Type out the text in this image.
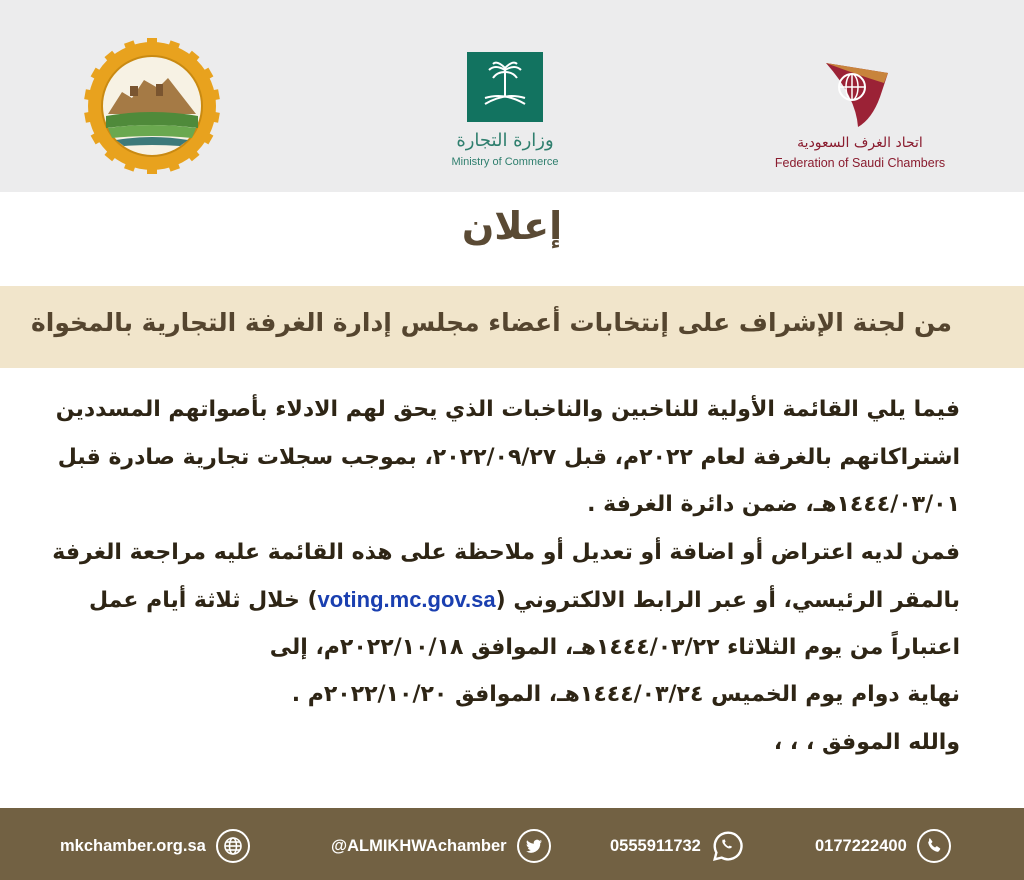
وزارة التجارة
Ministry of Commerce
اتحاد الغرف السعودية
Federation of Saudi Chambers
إعلان
من لجنة الإشراف على إنتخابات أعضاء مجلس إدارة الغرفة التجارية بالمخواة
فيما يلي القائمة الأولية للناخبين والناخبات الذي يحق لهم الادلاء بأصواتهم المسددين
اشتراكاتهم بالغرفة لعام ٢٠٢٢م، قبل ٢٠٢٢/٠٩/٢٧، بموجب سجلات تجارية صادرة قبل
١٤٤٤/٠٣/٠١هـ، ضمن دائرة الغرفة .
فمن لديه اعتراض أو اضافة أو تعديل أو ملاحظة على هذه القائمة عليه مراجعة الغرفة
بالمقر الرئيسي، أو عبر الرابط الالكتروني (voting.mc.gov.sa) خلال ثلاثة أيام عمل
اعتباراً من يوم الثلاثاء ١٤٤٤/٠٣/٢٢هـ، الموافق ٢٠٢٢/١٠/١٨م، إلى
نهاية دوام يوم الخميس ١٤٤٤/٠٣/٢٤هـ، الموافق ٢٠٢٢/١٠/٢٠م .
والله الموفق ، ، ،
mkchamber.org.sa	@ALMIKHWAchamber	0555911732	0177222400
